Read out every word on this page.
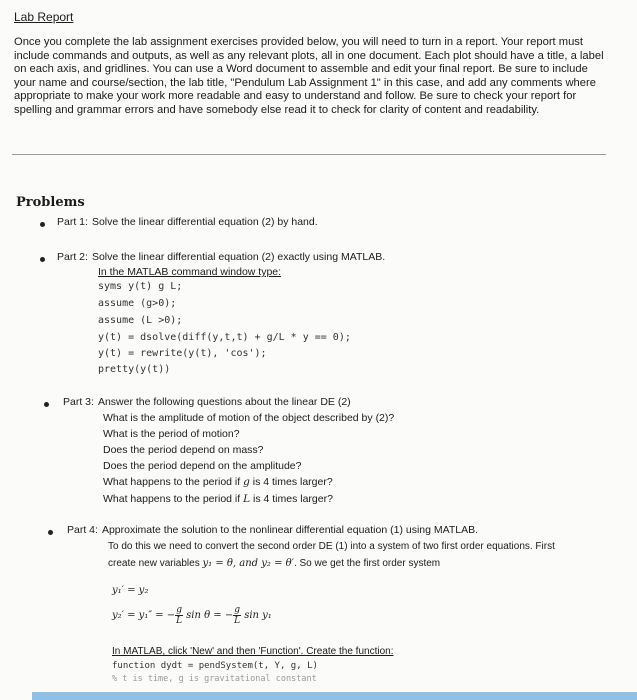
Lab Report
Once you complete the lab assignment exercises provided below, you will need to turn in a report. Your report must include commands and outputs, as well as any relevant plots, all in one document. Each plot should have a title, a label on each axis, and gridlines. You can use a Word document to assemble and edit your final report. Be sure to include your name and course/section, the lab title, "Pendulum Lab Assignment 1" in this case, and add any comments where appropriate to make your work more readable and easy to understand and follow. Be sure to check your report for spelling and grammar errors and have somebody else read it to check for clarity of content and readability.
Problems
Part 1: Solve the linear differential equation (2) by hand.
Part 2: Solve the linear differential equation (2) exactly using MATLAB.
In the MATLAB command window type:
syms y(t) g L;
assume (g>0);
assume (L >0);
y(t) = dsolve(diff(y,t,t) + g/L * y == 0);
y(t) = rewrite(y(t), 'cos');
pretty(y(t))
Part 3: Answer the following questions about the linear DE (2)
What is the amplitude of motion of the object described by (2)?
What is the period of motion?
Does the period depend on mass?
Does the period depend on the amplitude?
What happens to the period if g is 4 times larger?
What happens to the period if L is 4 times larger?
Part 4: Approximate the solution to the nonlinear differential equation (1) using MATLAB.
To do this we need to convert the second order DE (1) into a system of two first order equations. First
create new variables y₁ = θ, and y₂ = θ′. So we get the first order system
y₁′ = y₂
y₂′ = y₁″ = − $\frac{g}{L}$ sin θ = − $\frac{g}{L}$ sin y₁
In MATLAB, click 'New' and then 'Function'. Create the function:
function dydt = pendSystem(t, Y, g, L)
% t is time, g is gravitational constant
